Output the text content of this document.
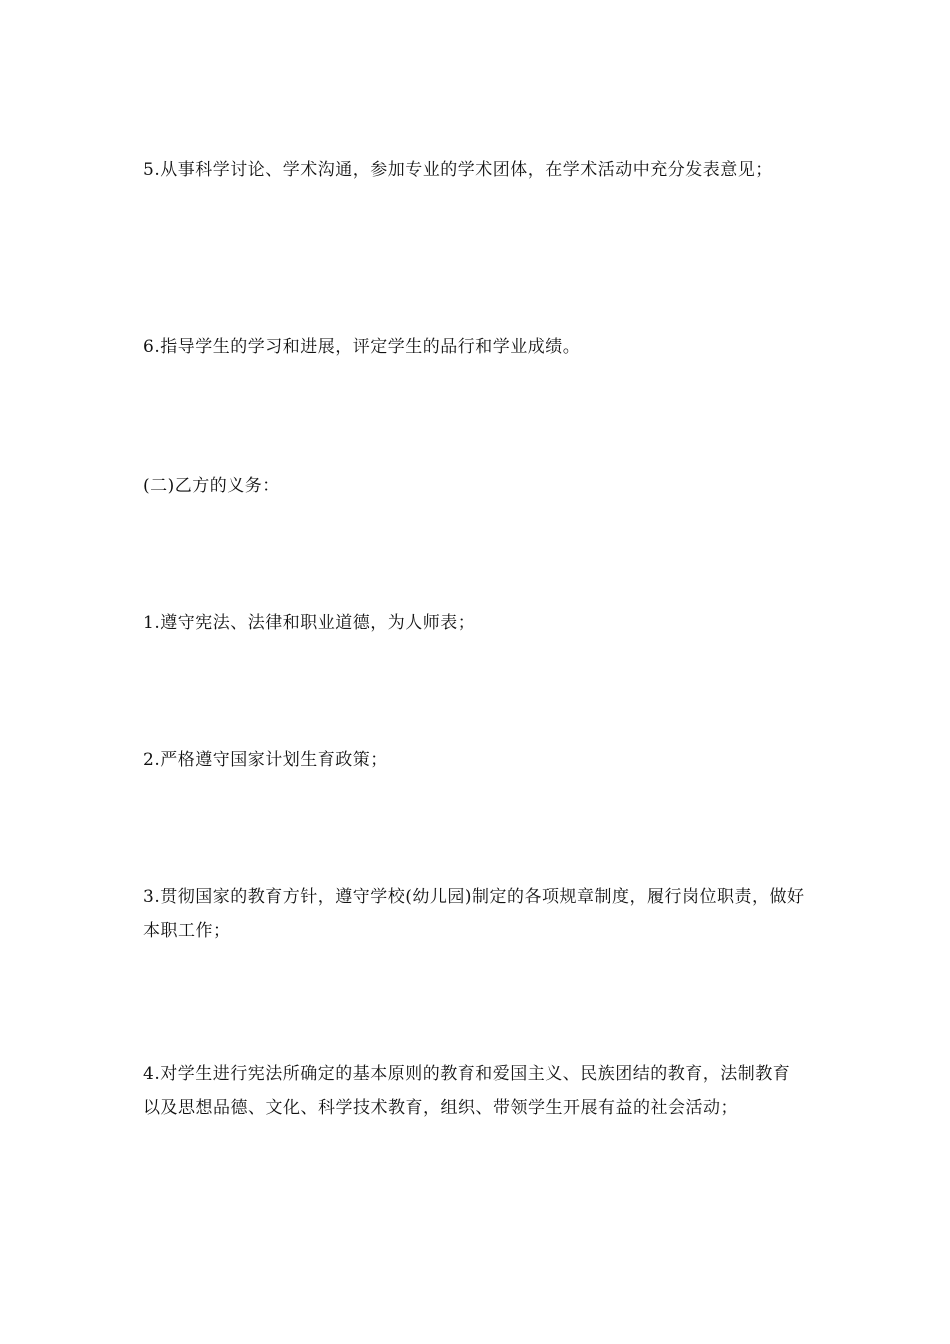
5.从事科学讨论、学术沟通，参加专业的学术团体，在学术活动中充分发表意见；

6.指导学生的学习和进展，评定学生的品行和学业成绩。

(二)乙方的义务：

1.遵守宪法、法律和职业道德，为人师表；

2.严格遵守国家计划生育政策；

3.贯彻国家的教育方针，遵守学校(幼儿园)制定的各项规章制度，履行岗位职责，做好本职工作；

4.对学生进行宪法所确定的基本原则的教育和爱国主义、民族团结的教育，法制教育以及思想品德、文化、科学技术教育，组织、带领学生开展有益的社会活动；
